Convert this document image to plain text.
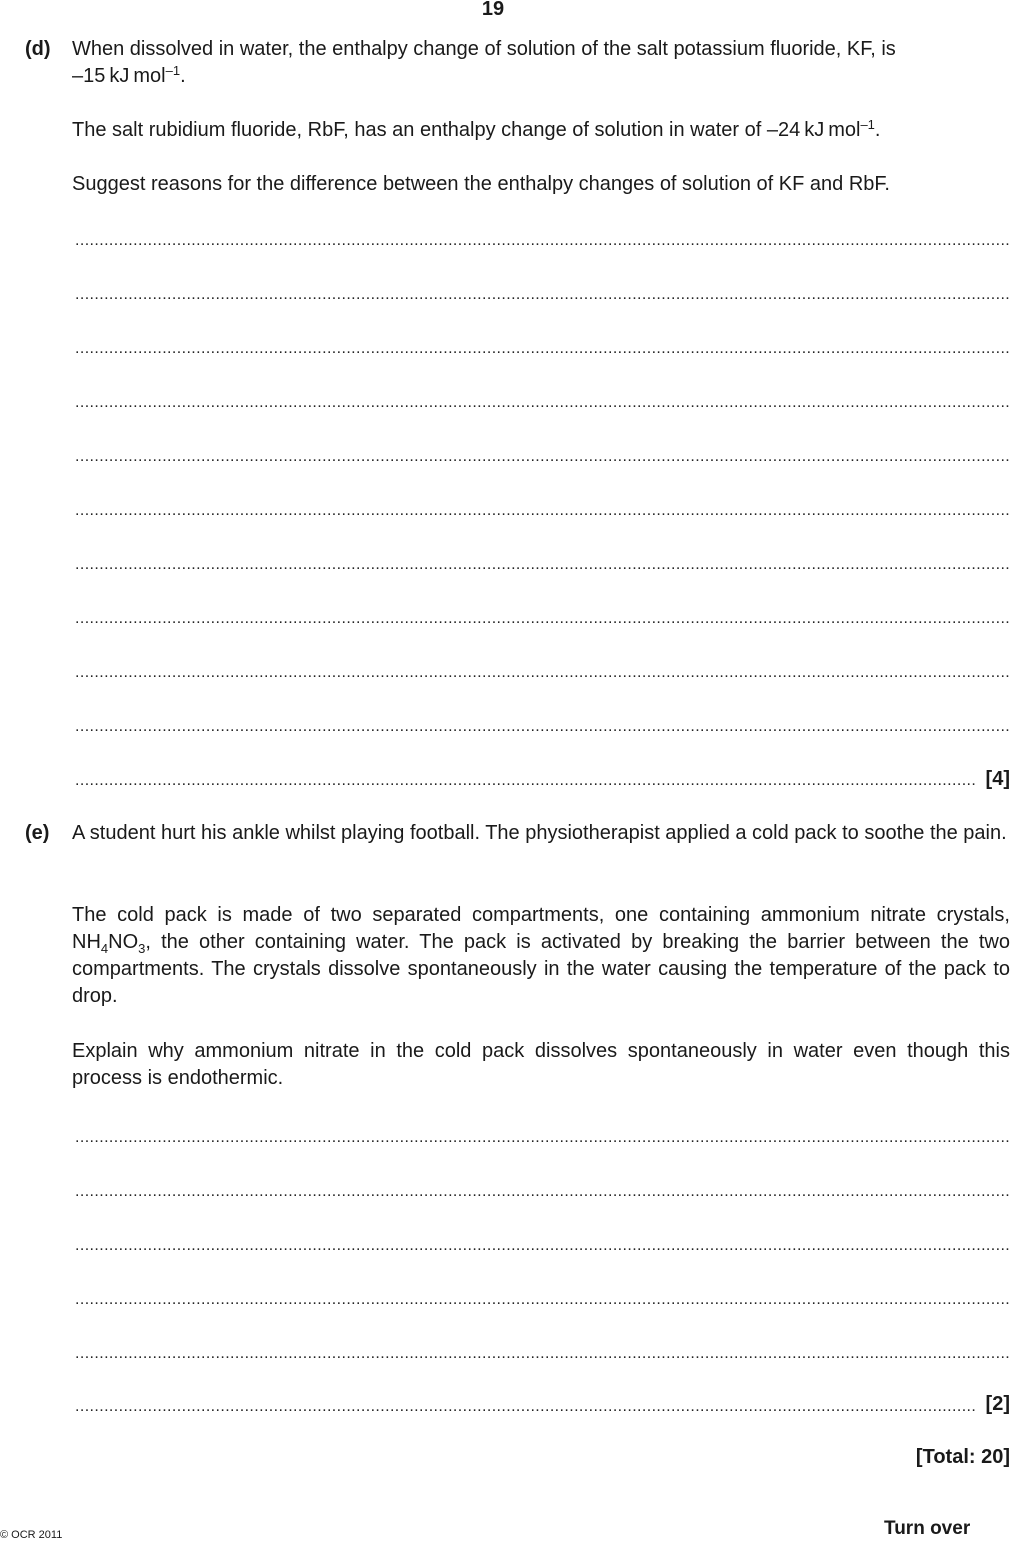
19
(d) When dissolved in water, the enthalpy change of solution of the salt potassium fluoride, KF, is
–15 kJ mol$^{-1}$.

The salt rubidium fluoride, RbF, has an enthalpy change of solution in water of –24 kJ mol$^{-1}$.

Suggest reasons for the difference between the enthalpy changes of solution of KF and RbF.

.....
.....
.....
.....
.....
.....
.....
.....
.....
.....
.....
[4]
(e) A student hurt his ankle whilst playing football. The physiotherapist applied a cold pack to soothe the pain.

The cold pack is made of two separated compartments, one containing ammonium nitrate crystals, $NH_4NO_3$, the other containing water. The pack is activated by breaking the barrier between the two compartments. The crystals dissolve spontaneously in the water causing the temperature of the pack to drop.

Explain why ammonium nitrate in the cold pack dissolves spontaneously in water even though this process is endothermic.

.....
.....
.....
.....
.....
.....
[2]
[Total: 20]
© OCR 2011	Turn over
